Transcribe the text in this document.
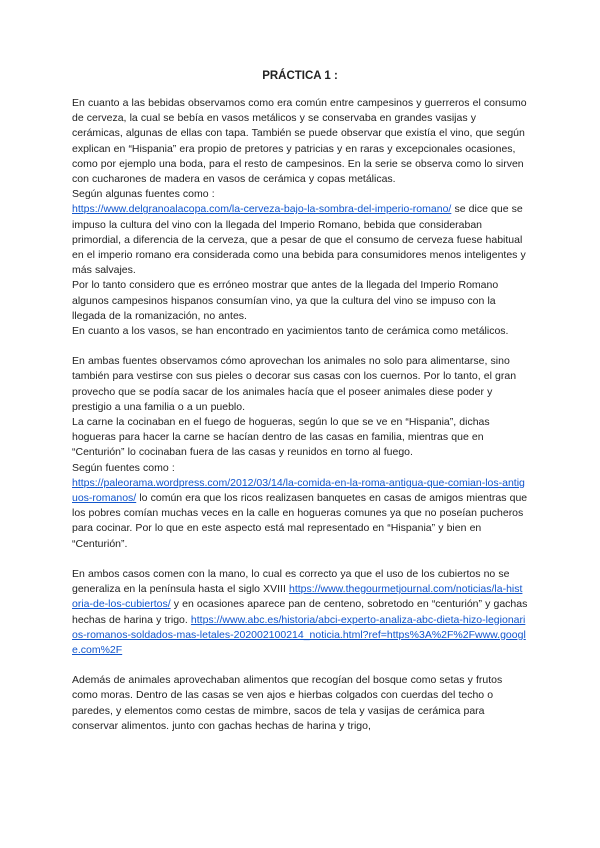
PRÁCTICA 1 :

En cuanto a las bebidas observamos como era común entre campesinos y guerreros el consumo de cerveza, la cual se bebía en vasos metálicos y se conservaba en grandes vasijas y cerámicas, algunas de ellas con tapa. También se puede observar que existía el vino, que según explican en “Hispania” era propio de pretores y patricias y en raras y excepcionales ocasiones, como por ejemplo una boda, para el resto de campesinos. En la serie se observa como lo sirven con cucharones de madera en vasos de cerámica y copas metálicas.

Según algunas fuentes como :

https://www.delgranoalacopa.com/la-cerveza-bajo-la-sombra-del-imperio-romano/ se dice que se impuso la cultura del vino con la llegada del Imperio Romano, bebida que consideraban primordial, a diferencia de la cerveza, que a pesar de que el consumo de cerveza fuese habitual en el imperio romano era considerada como una bebida para consumidores menos inteligentes y más salvajes.

Por lo tanto considero que es erróneo mostrar que antes de la llegada del Imperio Romano algunos campesinos hispanos consumían vino, ya que la cultura del vino se impuso con la llegada de la romanización, no antes.

En cuanto a los vasos, se han encontrado en yacimientos tanto de cerámica como metálicos.

En ambas fuentes observamos cómo aprovechan los animales no solo para alimentarse, sino también para vestirse con sus pieles o decorar sus casas con los cuernos. Por lo tanto, el gran provecho que se podía sacar de los animales hacía que el poseer animales diese poder y prestigio a una familia o a un pueblo.

La carne la cocinaban en el fuego de hogueras, según lo que se ve en “Hispania”, dichas hogueras para hacer la carne se hacían dentro de las casas en familia, mientras que en “Centurión” lo cocinaban fuera de las casas y reunidos en torno al fuego.

Según fuentes como :

https://paleorama.wordpress.com/2012/03/14/la-comida-en-la-roma-antigua-que-comian-los-antiguos-romanos/ lo común era que los ricos realizasen banquetes en casas de amigos mientras que los pobres comían muchas veces en la calle en hogueras comunes ya que no poseían pucheros para cocinar. Por lo que en este aspecto está mal representado en “Hispania” y bien en “Centurión”.

En ambos casos comen con la mano, lo cual es correcto ya que el uso de los cubiertos no se generaliza en la península hasta el siglo XVIII https://www.thegourmetjournal.com/noticias/la-historia-de-los-cubiertos/ y en ocasiones aparece pan de centeno, sobretodo en “centurión” y gachas hechas de harina y trigo. https://www.abc.es/historia/abci-experto-analiza-abc-dieta-hizo-legionarios-romanos-soldados-mas-letales-202002100214_noticia.html?ref=https%3A%2F%2Fwww.google.com%2F

Además de animales aprovechaban alimentos que recogían del bosque como setas y frutos como moras. Dentro de las casas se ven ajos e hierbas colgados con cuerdas del techo o paredes, y elementos como cestas de mimbre, sacos de tela y vasijas de cerámica para conservar alimentos. junto con gachas hechas de harina y trigo,
